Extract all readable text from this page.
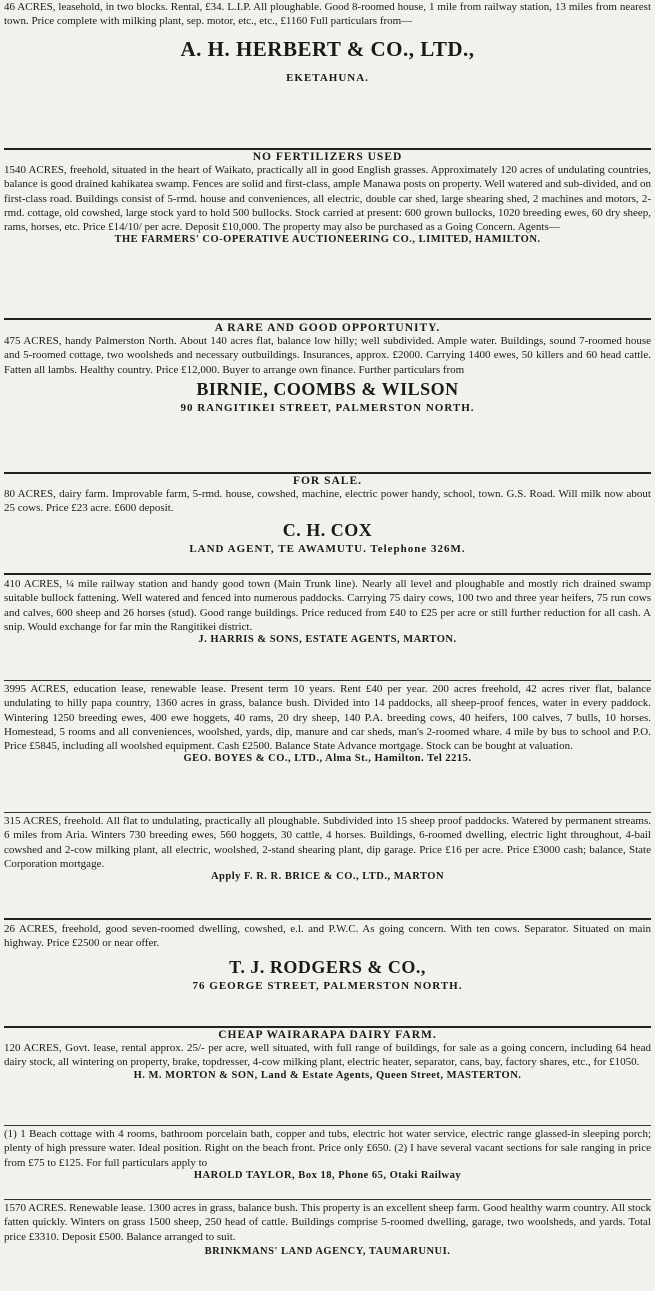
46 ACRES, leasehold, in two blocks. Rental, £34. L.I.P. All ploughable. Good 8-roomed house, 1 mile from railway station, 13 miles from nearest town. Price complete with milking plant, sep. motor, etc., etc., £1160 Full particulars from—
A. H. HERBERT & CO., LTD.,
EKETAHUNA.
NO FERTILIZERS USED
1540 ACRES, freehold, situated in the heart of Waikato, practically all in good English grasses. Approximately 120 acres of undulating countries, balance is good drained kahikatea swamp. Fences are solid and first-class, ample Manawa posts on property. Well watered and sub-divided, and on first-class road. Buildings consist of 5-rmd. house and conveniences, all electric, double car shed, large shearing shed, 2 machines and motors, 2-rmd. cottage, old cowshed, large stock yard to hold 500 bullocks. Stock carried at present: 600 grown bullocks, 1020 breeding ewes, 60 dry sheep, rams, horses, etc. Price £14/10/ per acre. Deposit £10,000. The property may also be purchased as a Going Concern. Agents—
THE FARMERS' CO-OPERATIVE AUCTIONEERING CO., LIMITED, HAMILTON.
A RARE AND GOOD OPPORTUNITY.
475 ACRES, handy Palmerston North. About 140 acres flat, balance low hilly; well subdivided. Ample water. Buildings, sound 7-roomed house and 5-roomed cottage, two woolsheds and necessary outbuildings. Insurances, approx. £2000. Carrying 1400 ewes, 50 killers and 60 head cattle. Fatten all lambs. Healthy country. Price £12,000. Buyer to arrange own finance. Further particulars from
BIRNIE, COOMBS & WILSON
90 RANGITIKEI STREET, PALMERSTON NORTH.
FOR SALE.
80 ACRES, dairy farm. Improvable farm, 5-rmd. house, cowshed, machine, electric power handy, school, town. G.S. Road. Will milk now about 25 cows. Price £23 acre. £600 deposit.
C. H. COX
LAND AGENT, TE AWAMUTU. Telephone 326M.
410 ACRES, ¼ mile railway station and handy good town (Main Trunk line). Nearly all level and ploughable and mostly rich drained swamp suitable bullock fattening. Well watered and fenced into numerous paddocks. Carrying 75 dairy cows, 100 two and three year heifers, 75 run cows and calves, 600 sheep and 26 horses (stud). Good range buildings. Price reduced from £40 to £25 per acre or still further reduction for all cash. A snip. Would exchange for far min the Rangitikei district.
J. HARRIS & SONS, ESTATE AGENTS, MARTON.
3995 ACRES, education lease, renewable lease. Present term 10 years. Rent £40 per year. 200 acres freehold, 42 acres river flat, balance undulating to hilly papa country, 1360 acres in grass, balance bush. Divided into 14 paddocks, all sheep-proof fences, water in every paddock. Wintering 1250 breeding ewes, 400 ewe hoggets, 40 rams, 20 dry sheep, 140 P.A. breeding cows, 40 heifers, 100 calves, 7 bulls, 10 horses. Homestead, 5 rooms and all conveniences, woolshed, yards, dip, manure and car sheds, man's 2-roomed whare. 4 mile by bus to school and P.O. Price £5845, including all woolshed equipment. Cash £2500. Balance State Advance mortgage. Stock can be bought at valuation.
GEO. BOYES & CO., LTD., Alma St., Hamilton. Tel 2215.
315 ACRES, freehold. All flat to undulating, practically all ploughable. Subdivided into 15 sheep proof paddocks. Watered by permanent streams. 6 miles from Aria. Winters 730 breeding ewes, 560 hoggets, 30 cattle, 4 horses. Buildings, 6-roomed dwelling, electric light throughout, 4-bail cowshed and 2-cow milking plant, all electric, woolshed, 2-stand shearing plant, dip garage. Price £16 per acre. Price £3000 cash; balance, State Corporation mortgage.
Apply F. R. R. BRICE & CO., LTD., MARTON
26 ACRES, freehold, good seven-roomed dwelling, cowshed, e.l. and P.W.C. As going concern. With ten cows. Separator. Situated on main highway. Price £2500 or near offer.
T. J. RODGERS & CO.,
76 GEORGE STREET, PALMERSTON NORTH.
CHEAP WAIRARAPA DAIRY FARM.
120 ACRES, Govt. lease, rental approx. 25/- per acre, well situated, with full range of buildings, for sale as a going concern, including 64 head dairy stock, all wintering on property, brake, topdresser, 4-cow milking plant, electric heater, separator, cans, bay, factory shares, etc., for £1050.
H. M. MORTON & SON, Land & Estate Agents, Queen Street, MASTERTON.
(1) 1 Beach cottage with 4 rooms, bathroom porcelain bath, copper and tubs, electric hot water service, electric range glassed-in sleeping porch; plenty of high pressure water. Ideal position. Right on the beach front. Price only £650. (2) I have several vacant sections for sale ranging in price from £75 to £125. For full particulars apply to
HAROLD TAYLOR, Box 18, Phone 65, Otaki Railway
1570 ACRES. Renewable lease. 1300 acres in grass, balance bush. This property is an excellent sheep farm. Good healthy warm country. All stock fatten quickly. Winters on grass 1500 sheep, 250 head of cattle. Buildings comprise 5-roomed dwelling, garage, two woolsheds, and yards. Total price £3310. Deposit £500. Balance arranged to suit.
BRINKMANS' LAND AGENCY, TAUMARUNUI.
